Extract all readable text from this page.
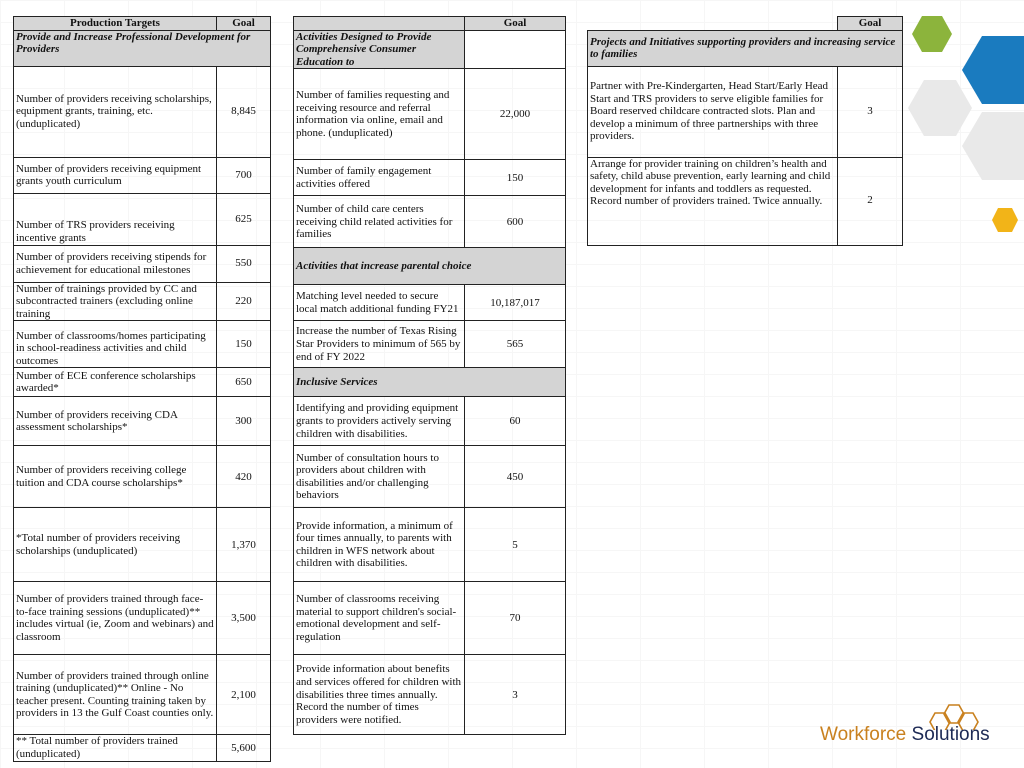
Production Targets	Goal
Provide and Increase Professional Development for Providers	
Number of providers receiving scholarships, equipment grants, training, etc. (unduplicated)	8,845
Number of providers receiving equipment grants youth curriculum	700
Number of TRS providers receiving incentive grants	625
Number of providers receiving stipends for achievement for educational milestones	550
Number of trainings provided by CC and subcontracted trainers (excluding online training	220
Number of classrooms/homes participating in school-readiness activities and child outcomes	150
Number of ECE conference scholarships awarded*	650
Number of providers receiving CDA assessment scholarships*	300
Number of providers receiving college tuition and CDA course scholarships*	420
*Total number of providers receiving scholarships (unduplicated)	1,370
Number of providers trained through face-to-face training sessions (unduplicated)** includes virtual (ie, Zoom and webinars) and classroom	3,500
Number of providers trained through online training (unduplicated)** Online - No teacher present. Counting training taken by providers in 13 the Gulf Coast counties only.	2,100
** Total number of providers trained (unduplicated)	5,600
	Goal
Activities Designed to Provide Comprehensive Consumer Education to	
Number of families requesting and receiving resource and referral information via online, email and phone. (unduplicated)	22,000
Number of family engagement activities offered	150
Number of child care centers receiving child related activities for families	600
Activities that increase parental choice	
Matching level needed to secure local match additional funding FY21	10,187,017
Increase the number of Texas Rising Star Providers to minimum of 565 by end of FY 2022	565
Inclusive Services	
Identifying and providing equipment grants to providers actively serving children with disabilities.	60
Number of consultation hours to providers about children with disabilities and/or challenging behaviors	450
Provide information, a minimum of four times annually, to parents with children in WFS network about children with disabilities.	5
Number of classrooms receiving material to support children's social-emotional development and self-regulation	70
Provide information about benefits and services offered for children with disabilities three times annually. Record the number of times providers were notified.	3
	Goal
Projects and Initiatives supporting providers and increasing service to families	
Partner with Pre-Kindergarten, Head Start/Early Head Start and TRS providers to serve eligible families for Board reserved childcare contracted slots. Plan and develop a minimum of three partnerships with three providers.	3
Arrange for provider training on children’s health and safety, child abuse prevention, early learning and child development for infants and toddlers as requested. Record number of providers trained. Twice annually.	2
Workforce Solutions
